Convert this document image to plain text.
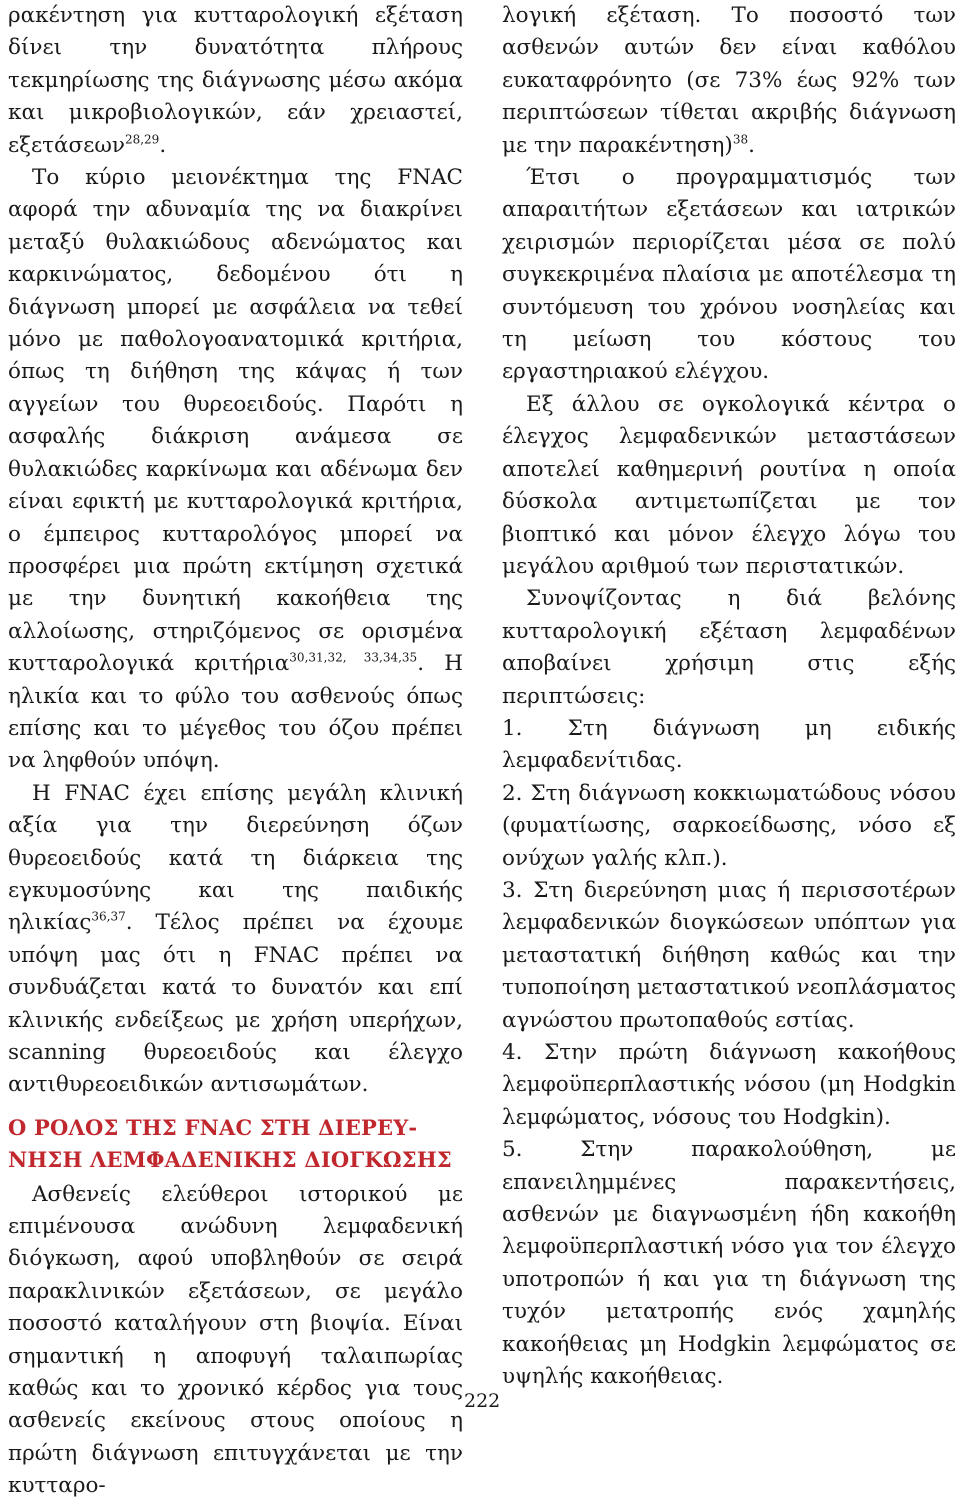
ρακέντηση για κυτταρολογική εξέταση δίνει την δυνατότητα πλήρους τεκμηρίωσης της διάγνωσης μέσω ακόμα και μικροβιολογικών, εάν χρειαστεί, εξετάσεων$^{28,29}$.

Το κύριο μειονέκτημα της FNAC αφορά την αδυναμία της να διακρίνει μεταξύ θυλακιώδους αδενώματος και καρκινώματος, δεδομένου ότι η διάγνωση μπορεί με ασφάλεια να τεθεί μόνο με παθολογοανατομικά κριτήρια, όπως τη διήθηση της κάψας ή των αγγείων του θυρεοειδούς. Παρότι η ασφαλής διάκριση ανάμεσα σε θυλακιώδες καρκίνωμα και αδένωμα δεν είναι εφικτή με κυτταρολογικά κριτήρια, ο έμπειρος κυτταρολόγος μπορεί να προσφέρει μια πρώτη εκτίμηση σχετικά με την δυνητική κακοήθεια της αλλοίωσης, στηριζόμενος σε ορισμένα κυτταρολογικά κριτήρια$^{30,31,32, 33,34,35}$. Η ηλικία και το φύλο του ασθενούς όπως επίσης και το μέγεθος του όζου πρέπει να ληφθούν υπόψη.

Η FNAC έχει επίσης μεγάλη κλινική αξία για την διερεύνηση όζων θυρεοειδούς κατά τη διάρκεια της εγκυμοσύνης και της παιδικής ηλικίας$^{36,37}$. Τέλος πρέπει να έχουμε υπόψη μας ότι η FNAC πρέπει να συνδυάζεται κατά το δυνατόν και επί κλινικής ενδείξεως με χρήση υπερήχων, scanning θυρεοειδούς και έλεγχο αντιθυρεοειδικών αντισωμάτων.

Ο ΡΟΛΟΣ ΤΗΣ FNAC ΣΤΗ ΔΙΕΡΕΥ-
ΝΗΣΗ ΛΕΜΦΑΔΕΝΙΚΗΣ ΔΙΟΓΚΩΣΗΣ

Ασθενείς ελεύθεροι ιστορικού με επιμένουσα ανώδυνη λεμφαδενική διόγκωση, αφού υποβληθούν σε σειρά παρακλινικών εξετάσεων, σε μεγάλο ποσοστό καταλήγουν στη βιοψία. Είναι σημαντική η αποφυγή ταλαιπωρίας καθώς και το χρονικό κέρδος για τους ασθενείς εκείνους στους οποίους η πρώτη διάγνωση επιτυγχάνεται με την κυτταρο-

λογική εξέταση. Το ποσοστό των ασθενών αυτών δεν είναι καθόλου ευκαταφρόνητο (σε 73% έως 92% των περιπτώσεων τίθεται ακριβής διάγνωση με την παρακέντηση)$^{38}$.

Έτσι ο προγραμματισμός των απαραιτήτων εξετάσεων και ιατρικών χειρισμών περιορίζεται μέσα σε πολύ συγκεκριμένα πλαίσια με αποτέλεσμα τη συντόμευση του χρόνου νοσηλείας και τη μείωση του κόστους του εργαστηριακού ελέγχου.

Εξ άλλου σε ογκολογικά κέντρα ο έλεγχος λεμφαδενικών μεταστάσεων αποτελεί καθημερινή ρουτίνα η οποία δύσκολα αντιμετωπίζεται με τον βιοπτικό και μόνον έλεγχο λόγω του μεγάλου αριθμού των περιστατικών.

Συνοψίζοντας η διά βελόνης κυτταρολογική εξέταση λεμφαδένων αποβαίνει χρήσιμη στις εξής περιπτώσεις:

1. Στη διάγνωση μη ειδικής λεμφαδενίτιδας.

2. Στη διάγνωση κοκκιωματώδους νόσου (φυματίωσης, σαρκοείδωσης, νόσο εξ ονύχων γαλής κλπ.).

3. Στη διερεύνηση μιας ή περισσοτέρων λεμφαδενικών διογκώσεων υπόπτων για μεταστατική διήθηση καθώς και την τυποποίηση μεταστατικού νεοπλάσματος αγνώστου πρωτοπαθούς εστίας.

4. Στην πρώτη διάγνωση κακοήθους λεμφοϋπερπλαστικής νόσου (μη Hodgkin λεμφώματος, νόσους του Hodgkin).

5. Στην παρακολούθηση, με επανειλημμένες παρακεντήσεις, ασθενών με διαγνωσμένη ήδη κακοήθη λεμφοϋπερπλαστική νόσο για τον έλεγχο υποτροπών ή και για τη διάγνωση της τυχόν μετατροπής ενός χαμηλής κακοήθειας μη Hodgkin λεμφώματος σε υψηλής κακοήθειας.

222
